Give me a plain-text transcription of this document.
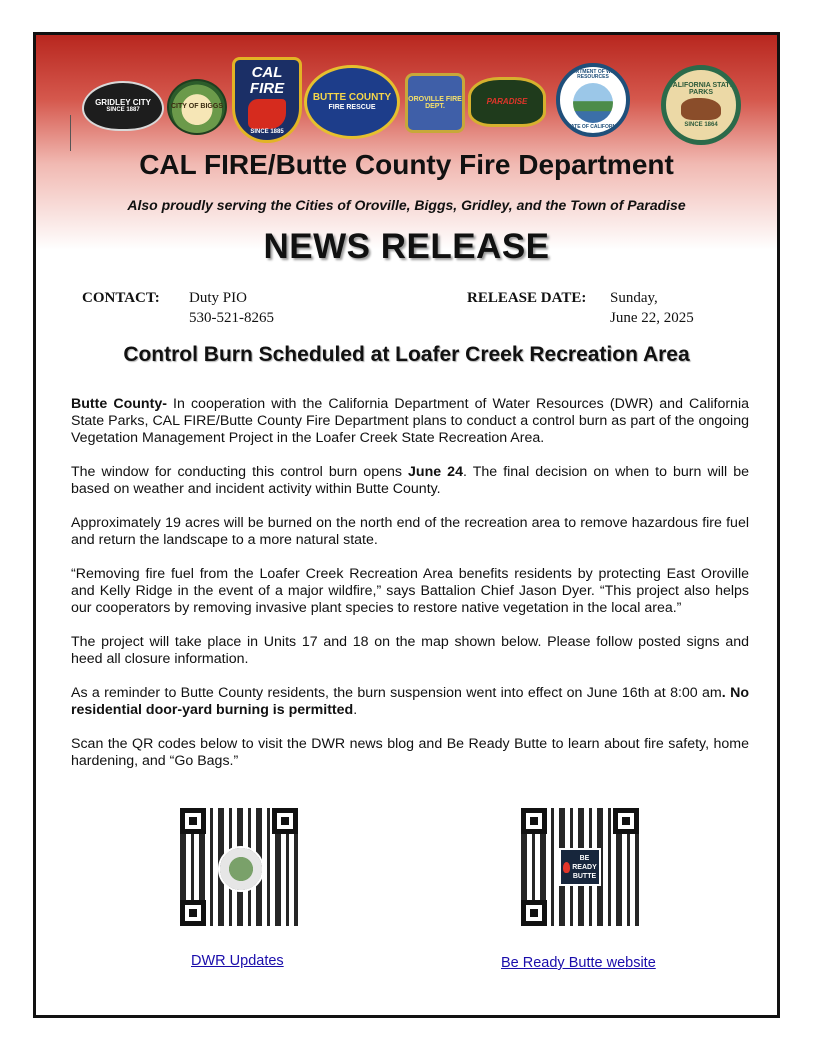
GRIDLEY CITY
SINCE 1887	CITY OF BIGGS
CAL FIRE
SINCE 1885
BUTTE COUNTY
FIRE RESCUE
OROVILLE FIRE DEPT.
PARADISE
DEPARTMENT OF WATER RESOURCES
STATE OF CALIFORNIA
CALIFORNIA STATE PARKS
SINCE 1864
CAL FIRE/Butte County Fire Department
Also proudly serving the Cities of Oroville, Biggs, Gridley, and the Town of Paradise
NEWS RELEASE
CONTACT: Duty PIO
530-521-8265
RELEASE DATE: Sunday,
June 22, 2025
Control Burn Scheduled at Loafer Creek Recreation Area

Butte County- In cooperation with the California Department of Water Resources (DWR) and California State Parks, CAL FIRE/Butte County Fire Department plans to conduct a control burn as part of the ongoing Vegetation Management Project in the Loafer Creek State Recreation Area.

The window for conducting this control burn opens June 24. The final decision on when to burn will be based on weather and incident activity within Butte County.

Approximately 19 acres will be burned on the north end of the recreation area to remove hazardous fire fuel and return the landscape to a more natural state.

“Removing fire fuel from the Loafer Creek Recreation Area benefits residents by protecting East Oroville and Kelly Ridge in the event of a major wildfire,” says Battalion Chief Jason Dyer. “This project also helps our cooperators by removing invasive plant species to restore native vegetation in the local area.”

The project will take place in Units 17 and 18 on the map shown below. Please follow posted signs and heed all closure information.

As a reminder to Butte County residents, the burn suspension went into effect on June 16th at 8:00 am. No residential door-yard burning is permitted.

Scan the QR codes below to visit the DWR news blog and Be Ready Butte to learn about fire safety, home hardening, and “Go Bags.”

BE
READY
BUTTE
DWR Updates	Be Ready Butte website
